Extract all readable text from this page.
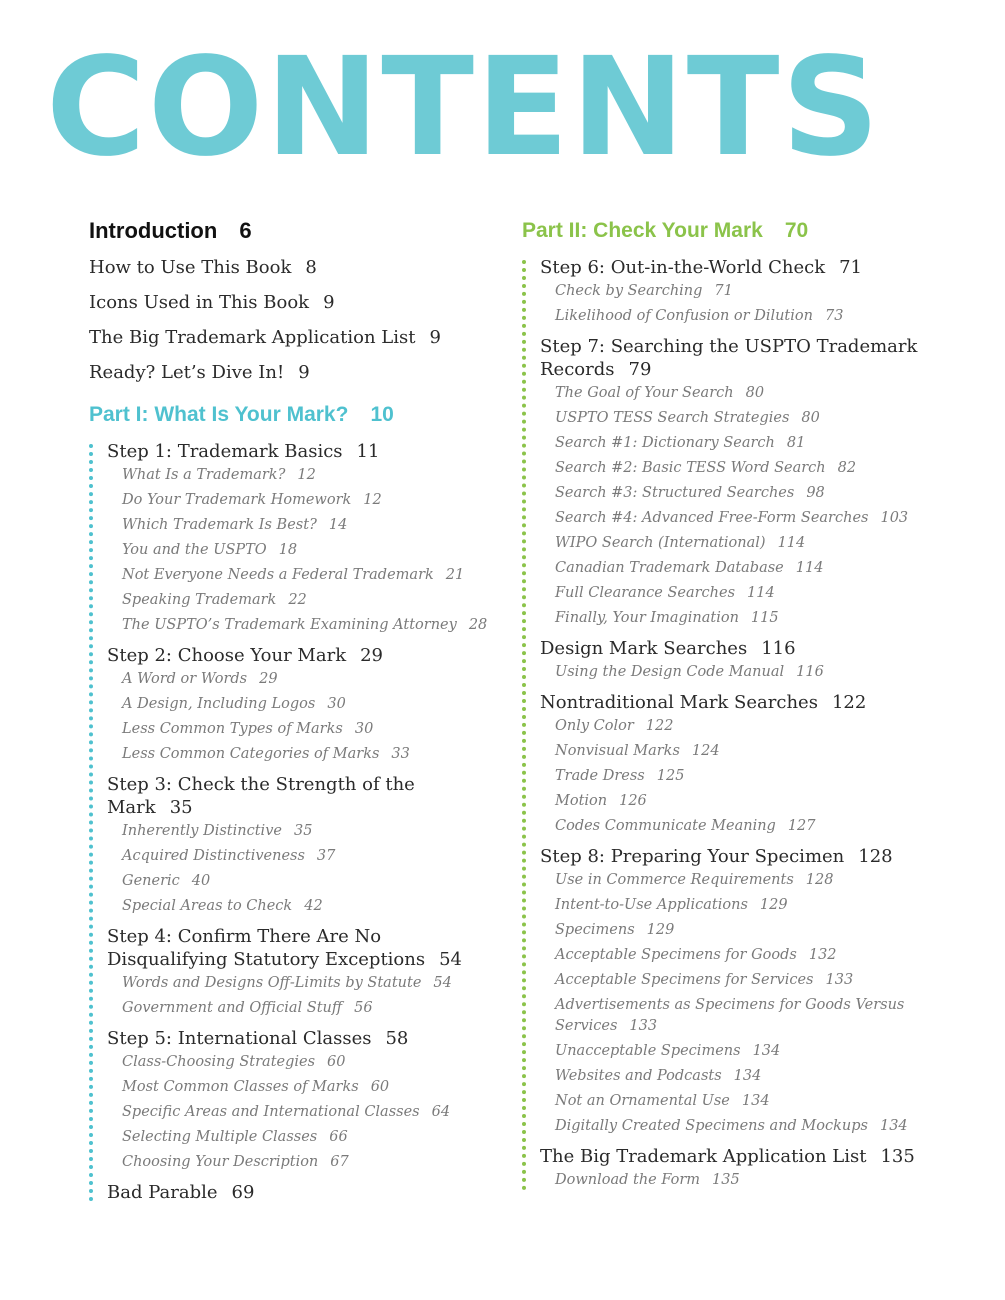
CONTENTS
Introduction 6
How to Use This Book 8
Icons Used in This Book 9
The Big Trademark Application List 9
Ready? Let’s Dive In! 9
Part I: What Is Your Mark? 10
Step 1: Trademark Basics 11
What Is a Trademark? 12
Do Your Trademark Homework 12
Which Trademark Is Best? 14
You and the USPTO 18
Not Everyone Needs a Federal Trademark 21
Speaking Trademark 22
The USPTO’s Trademark Examining Attorney 28
Step 2: Choose Your Mark 29
A Word or Words 29
A Design, Including Logos 30
Less Common Types of Marks 30
Less Common Categories of Marks 33
Step 3: Check the Strength of the Mark 35
Inherently Distinctive 35
Acquired Distinctiveness 37
Generic 40
Special Areas to Check 42
Step 4: Confirm There Are No Disqualifying Statutory Exceptions 54
Words and Designs Off-Limits by Statute 54
Government and Official Stuff 56
Step 5: International Classes 58
Class-Choosing Strategies 60
Most Common Classes of Marks 60
Specific Areas and International Classes 64
Selecting Multiple Classes 66
Choosing Your Description 67
Bad Parable 69
Part II: Check Your Mark 70
Step 6: Out-in-the-World Check 71
Check by Searching 71
Likelihood of Confusion or Dilution 73
Step 7: Searching the USPTO Trademark Records 79
The Goal of Your Search 80
USPTO TESS Search Strategies 80
Search #1: Dictionary Search 81
Search #2: Basic TESS Word Search 82
Search #3: Structured Searches 98
Search #4: Advanced Free-Form Searches 103
WIPO Search (International) 114
Canadian Trademark Database 114
Full Clearance Searches 114
Finally, Your Imagination 115
Design Mark Searches 116
Using the Design Code Manual 116
Nontraditional Mark Searches 122
Only Color 122
Nonvisual Marks 124
Trade Dress 125
Motion 126
Codes Communicate Meaning 127
Step 8: Preparing Your Specimen 128
Use in Commerce Requirements 128
Intent-to-Use Applications 129
Specimens 129
Acceptable Specimens for Goods 132
Acceptable Specimens for Services 133
Advertisements as Specimens for Goods Versus Services 133
Unacceptable Specimens 134
Websites and Podcasts 134
Not an Ornamental Use 134
Digitally Created Specimens and Mockups 134
The Big Trademark Application List 135
Download the Form 135
